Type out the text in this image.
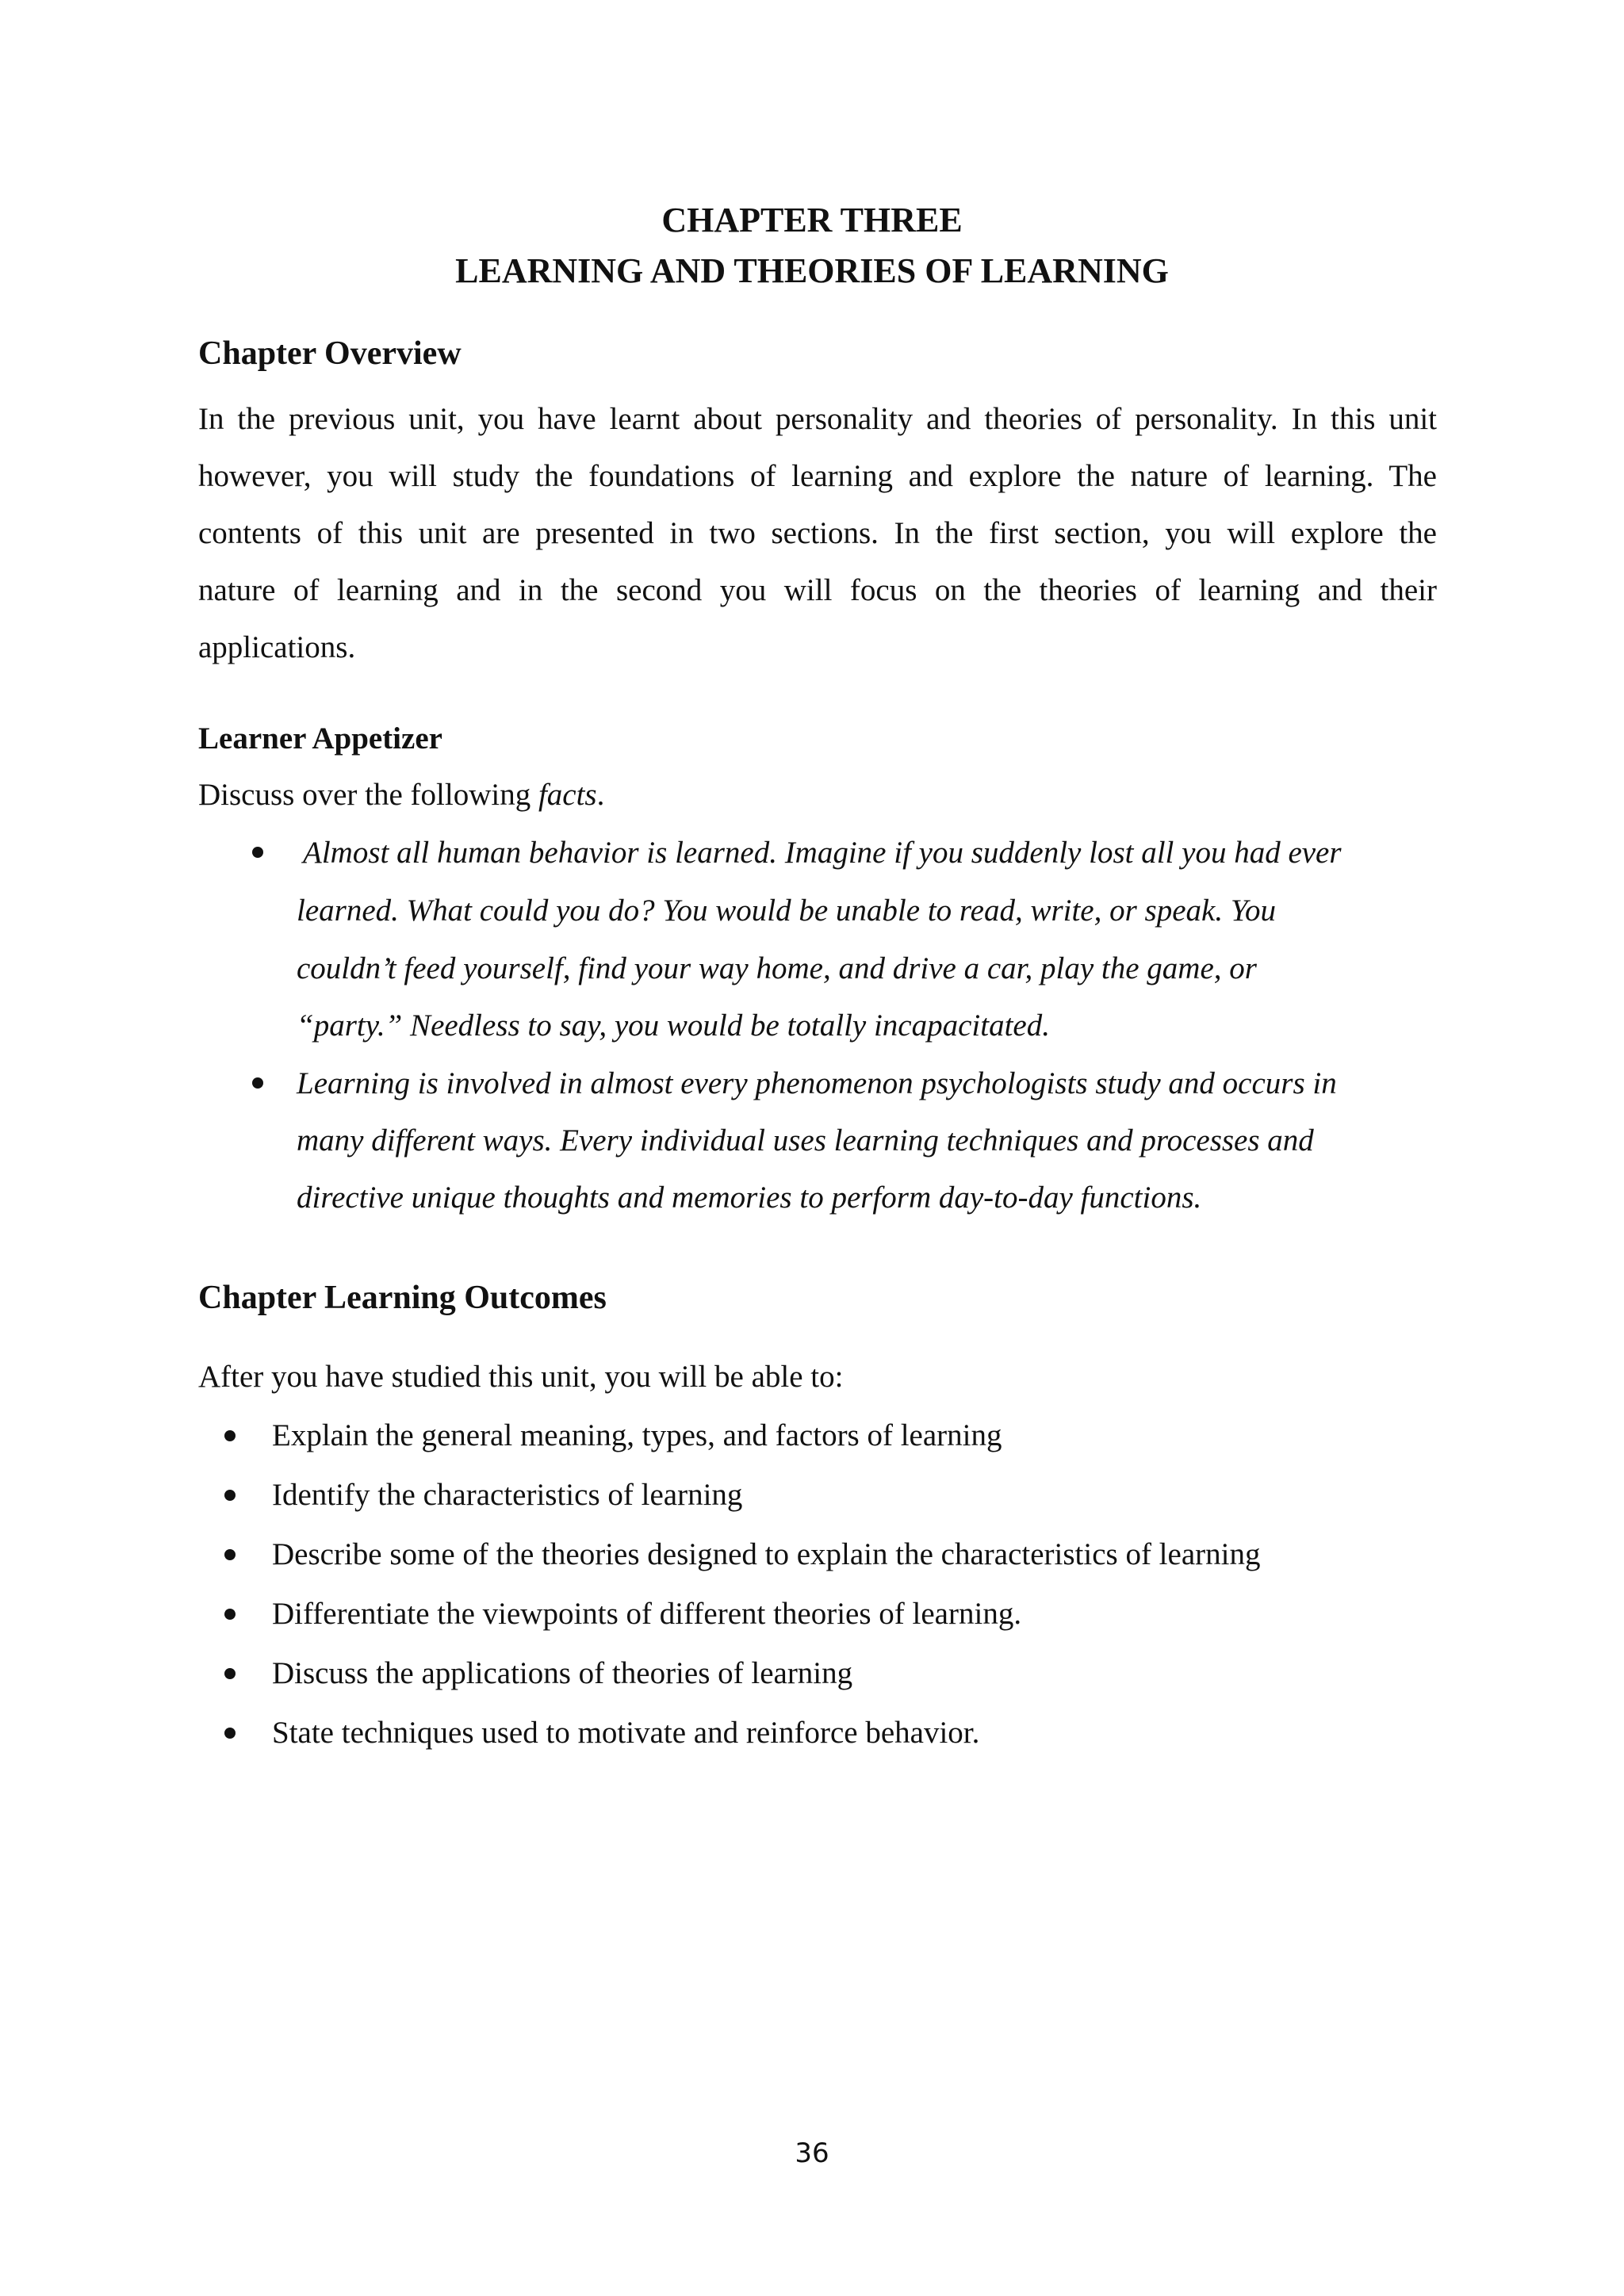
CHAPTER THREE
LEARNING AND THEORIES OF LEARNING
Chapter Overview
In the previous unit, you have learnt about personality and theories of personality. In this unit
however, you will study the foundations of learning and explore the nature of learning. The
contents of this unit are presented in two sections. In the first section, you will explore the
nature of learning and in the second you will focus on the theories of learning and their
applications.
Learner Appetizer
Discuss over the following facts.
Almost all human behavior is learned. Imagine if you suddenly lost all you had ever
learned. What could you do? You would be unable to read, write, or speak. You
couldn’t feed yourself, find your way home, and drive a car, play the game, or
“party.” Needless to say, you would be totally incapacitated.
Learning is involved in almost every phenomenon psychologists study and occurs in
many different ways. Every individual uses learning techniques and processes and
directive unique thoughts and memories to perform day-to-day functions.
Chapter Learning Outcomes
After you have studied this unit, you will be able to:
Explain the general meaning, types, and factors of learning
Identify the characteristics of learning
Describe some of the theories designed to explain the characteristics of learning
Differentiate the viewpoints of different theories of learning.
Discuss the applications of theories of learning
State techniques used to motivate and reinforce behavior.
36
